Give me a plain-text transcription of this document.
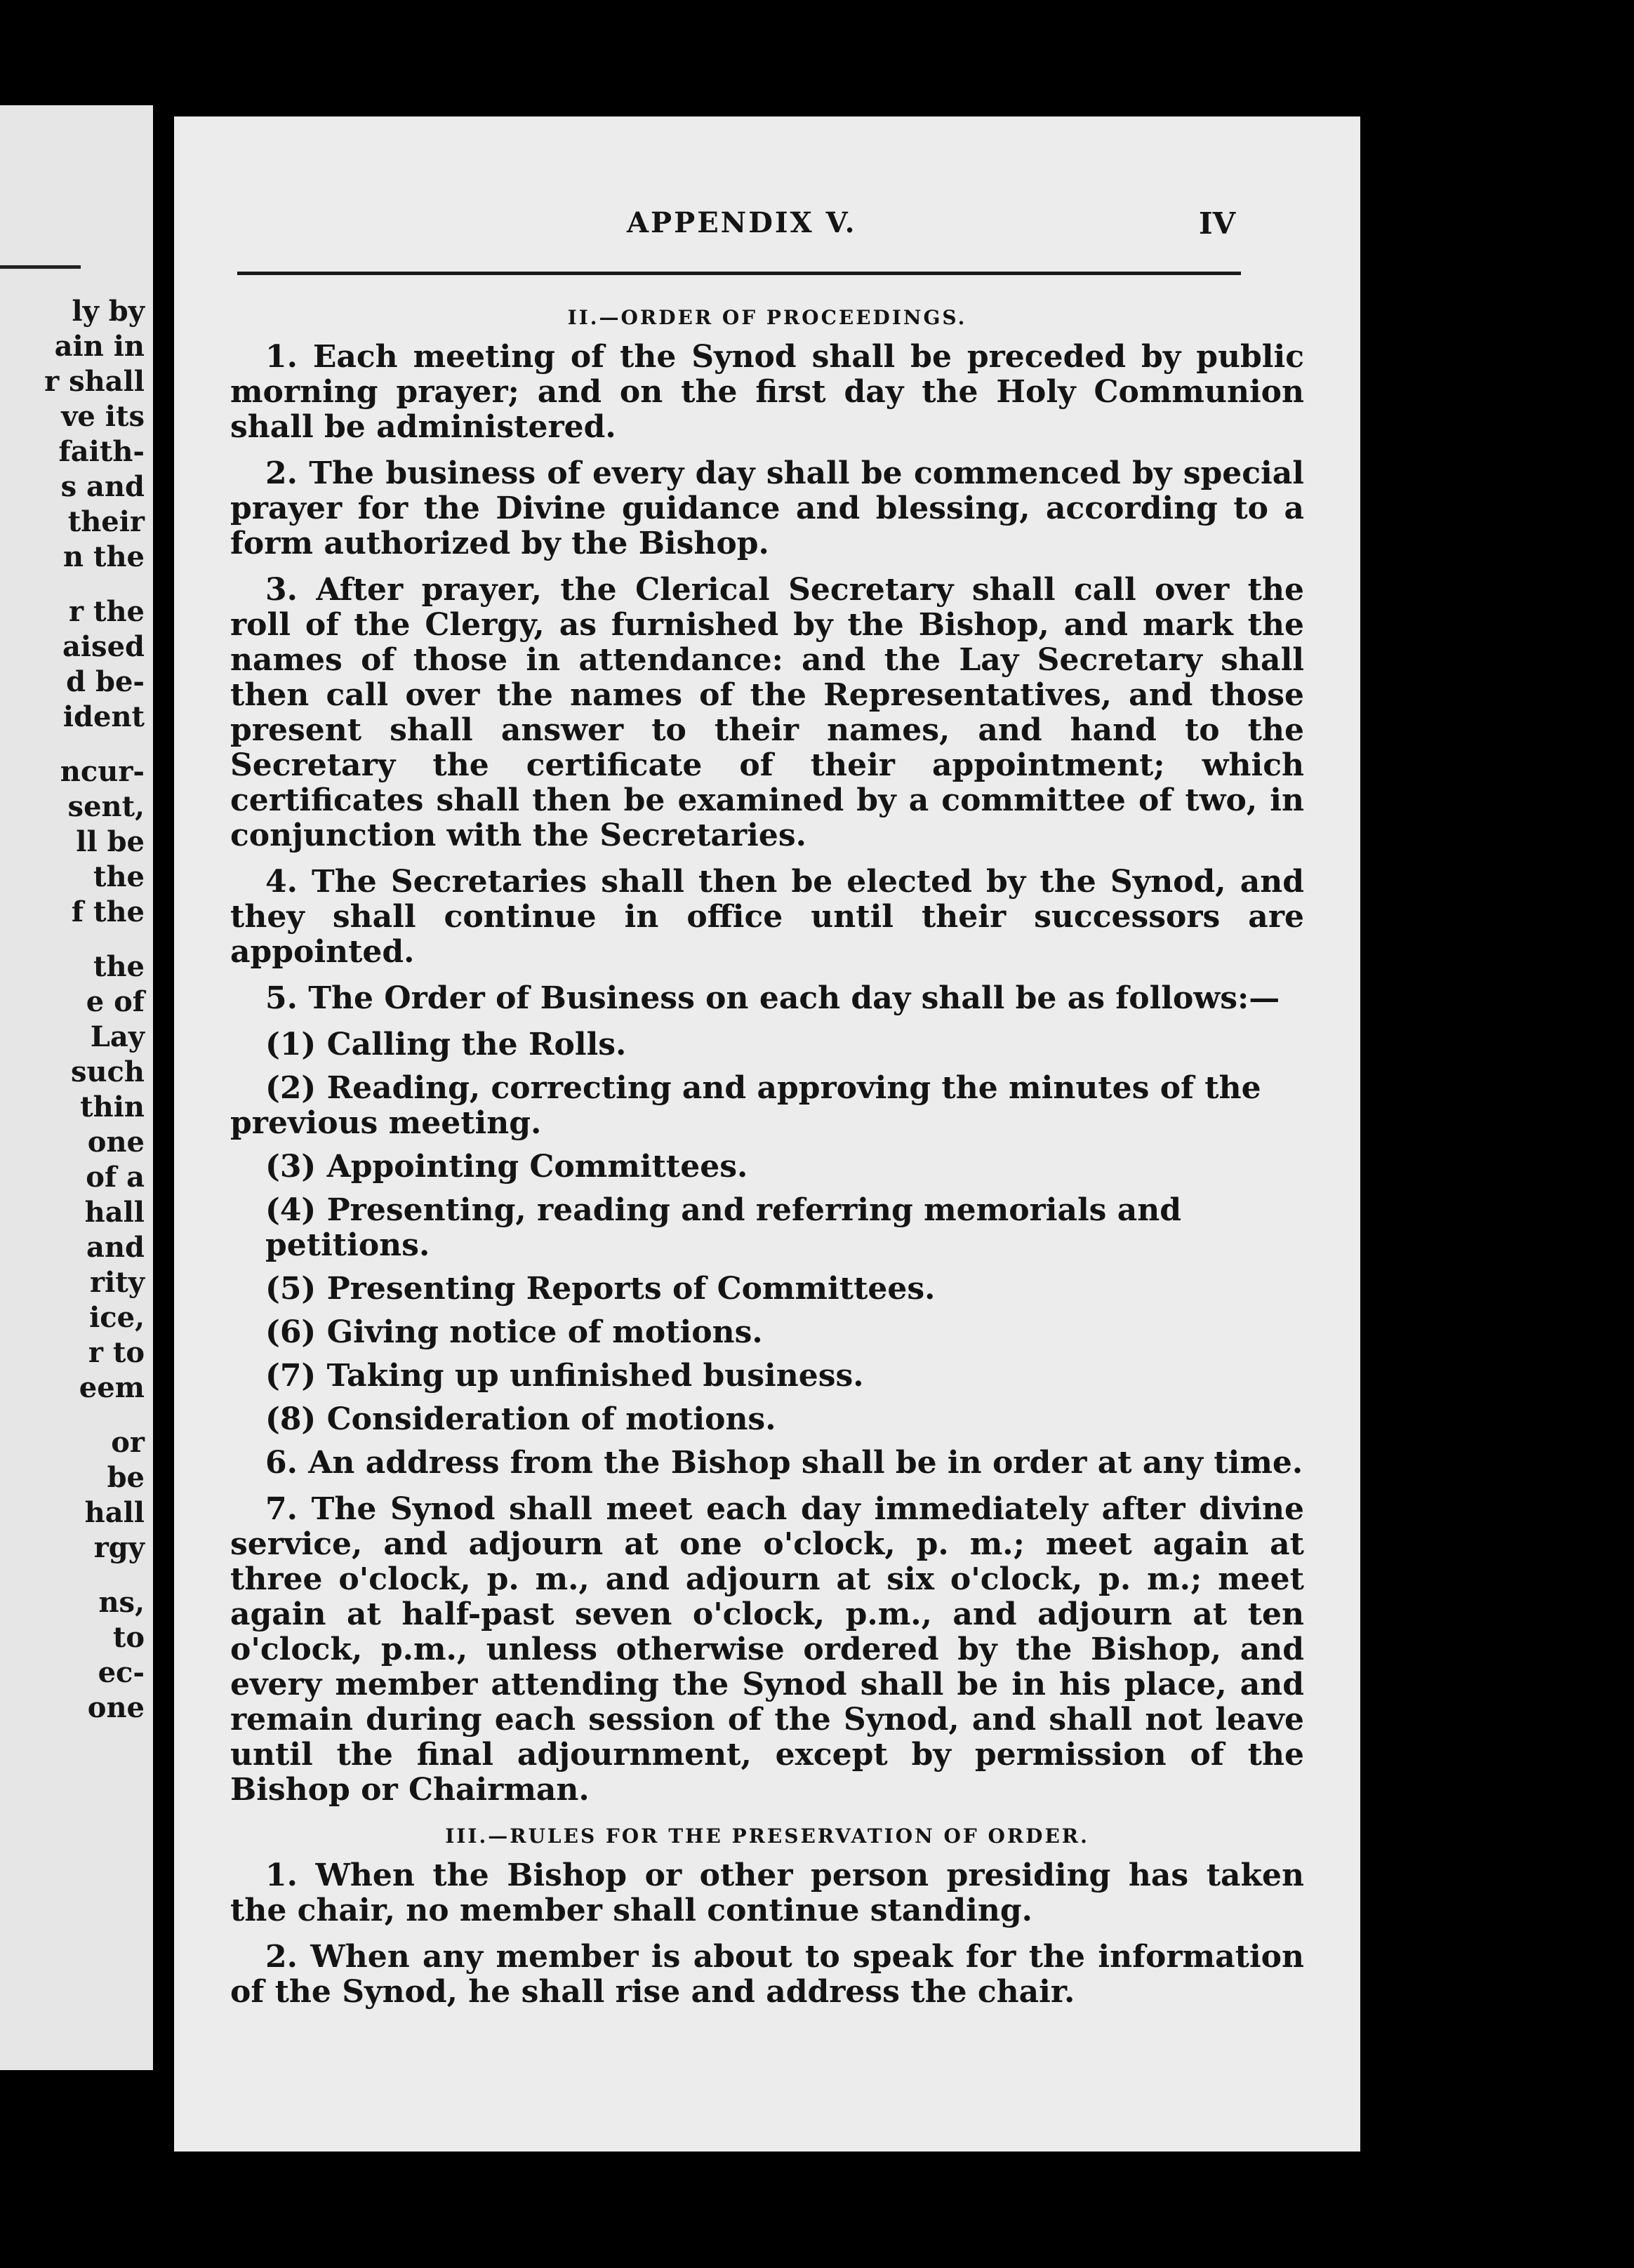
ly by
ain in
r shall
ve its
faith-
s and
their
n the
r the
aised
d be-
ident
ncur-
sent,
ll be
the
f the
the
e of
Lay
such
thin
one
of a
hall
and
rity
ice,
r to
eem
or
be
hall
rgy
ns,
to
ec-
one
APPENDIX V.	IV
II.—ORDER OF PROCEEDINGS.

1. Each meeting of the Synod shall be preceded by public morning prayer; and on the first day the Holy Communion shall be administered.

2. The business of every day shall be commenced by special prayer for the Divine guidance and blessing, according to a form authorized by the Bishop.

3. After prayer, the Clerical Secretary shall call over the roll of the Clergy, as furnished by the Bishop, and mark the names of those in attendance: and the Lay Secretary shall then call over the names of the Representatives, and those present shall answer to their names, and hand to the Secretary the certificate of their appointment; which certificates shall then be examined by a committee of two, in conjunction with the Secretaries.

4. The Secretaries shall then be elected by the Synod, and they shall continue in office until their successors are appointed.

5. The Order of Business on each day shall be as follows:—

(1) Calling the Rolls.

(2) Reading, correcting and approving the minutes of the previous meeting.

(3) Appointing Committees.

(4) Presenting, reading and referring memorials and petitions.

(5) Presenting Reports of Committees.

(6) Giving notice of motions.

(7) Taking up unfinished business.

(8) Consideration of motions.

6. An address from the Bishop shall be in order at any time.

7. The Synod shall meet each day immediately after divine service, and adjourn at one o'clock, p. m.; meet again at three o'clock, p. m., and adjourn at six o'clock, p. m.; meet again at half-past seven o'clock, p.m., and adjourn at ten o'clock, p.m., unless otherwise ordered by the Bishop, and every member attending the Synod shall be in his place, and remain during each session of the Synod, and shall not leave until the final adjournment, except by permission of the Bishop or Chairman.

III.—RULES FOR THE PRESERVATION OF ORDER.

1. When the Bishop or other person presiding has taken the chair, no member shall continue standing.

2. When any member is about to speak for the information of the Synod, he shall rise and address the chair.
